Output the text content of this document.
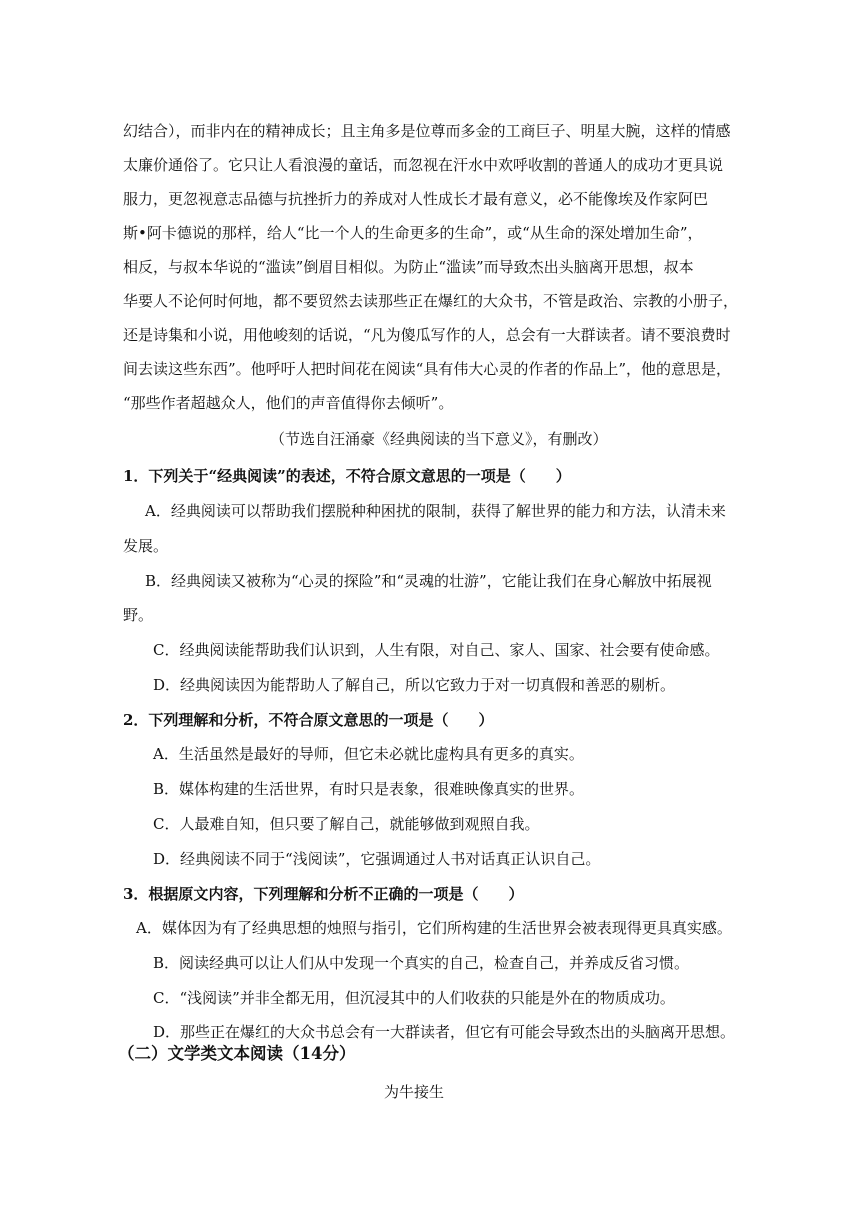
幻结合），而非内在的精神成长；且主角多是位尊而多金的工商巨子、明星大腕，这样的情感

太廉价通俗了。它只让人看浪漫的童话，而忽视在汗水中欢呼收割的普通人的成功才更具说

服力，更忽视意志品德与抗挫折力的养成对人性成长才最有意义，必不能像埃及作家阿巴

斯•阿卡德说的那样，给人“比一个人的生命更多的生命”，或“从生命的深处增加生命”，

相反，与叔本华说的“滥读”倒眉目相似。为防止“滥读”而导致杰出头脑离开思想，叔本

华要人不论何时何地，都不要贸然去读那些正在爆红的大众书，不管是政治、宗教的小册子，

还是诗集和小说，用他峻刻的话说，“凡为傻瓜写作的人，总会有一大群读者。请不要浪费时

间去读这些东西”。他呼吁人把时间花在阅读“具有伟大心灵的作者的作品上”，他的意思是，

“那些作者超越众人，他们的声音值得你去倾听”。

（节选自汪涌豪《经典阅读的当下意义》，有删改）

1．下列关于“经典阅读”的表述，不符合原文意思的一项是（　　）

A．经典阅读可以帮助我们摆脱种种困扰的限制，获得了解世界的能力和方法，认清未来

发展。

B．经典阅读又被称为“心灵的探险”和“灵魂的壮游”，它能让我们在身心解放中拓展视

野。

C．经典阅读能帮助我们认识到，人生有限，对自己、家人、国家、社会要有使命感。

D．经典阅读因为能帮助人了解自己，所以它致力于对一切真假和善恶的剔析。

2．下列理解和分析，不符合原文意思的一项是（　　）

A．生活虽然是最好的导师，但它未必就比虚构具有更多的真实。

B．媒体构建的生活世界，有时只是表象，很难映像真实的世界。

C．人最难自知，但只要了解自己，就能够做到观照自我。

D．经典阅读不同于“浅阅读”，它强调通过人书对话真正认识自己。

3．根据原文内容，下列理解和分析不正确的一项是（　　）

A．媒体因为有了经典思想的烛照与指引，它们所构建的生活世界会被表现得更具真实感。

B．阅读经典可以让人们从中发现一个真实的自己，检查自己，并养成反省习惯。

C．“浅阅读”并非全都无用，但沉浸其中的人们收获的只能是外在的物质成功。

D．那些正在爆红的大众书总会有一大群读者，但它有可能会导致杰出的头脑离开思想。

（二）文学类文本阅读（14分）

为牛接生
